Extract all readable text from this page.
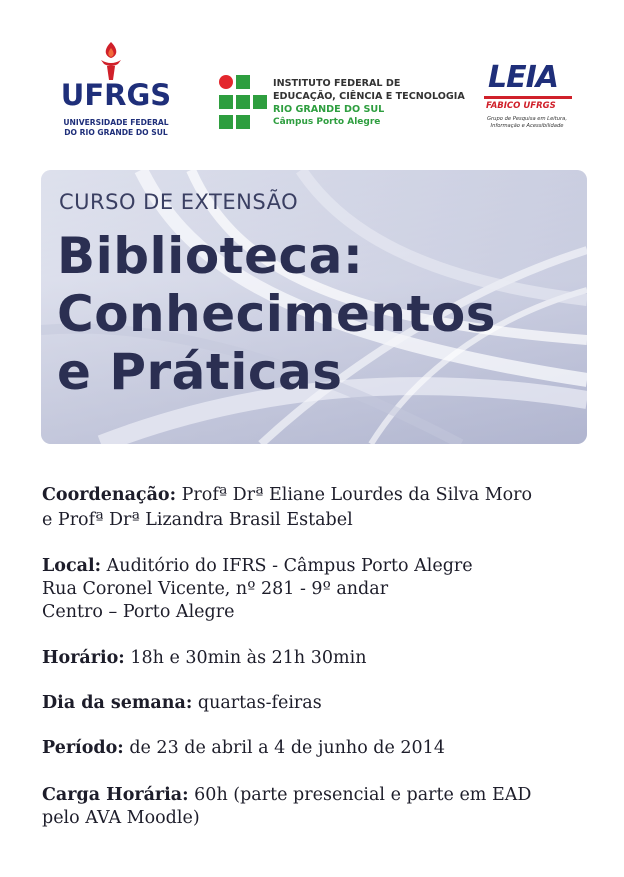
UFRGS
UNIVERSIDADE FEDERAL
DO RIO GRANDE DO SUL
INSTITUTO FEDERAL DE
EDUCAÇÃO, CIÊNCIA E TECNOLOGIA
RIO GRANDE DO SUL
Câmpus Porto Alegre
LEIA
FABICO UFRGS
Grupo de Pesquisa em Leitura,
Informação e Acessibilidade
CURSO DE EXTENSÃO
Biblioteca:
Conhecimentos
e Práticas
Coordenação: Profª Drª Eliane Lourdes da Silva Moro
e Profª Drª Lizandra Brasil Estabel
Local: Auditório do IFRS - Câmpus Porto Alegre
Rua Coronel Vicente, nº 281 - 9º andar
Centro – Porto Alegre
Horário: 18h e 30min às 21h 30min
Dia da semana: quartas-feiras
Período: de 23 de abril a 4 de junho de 2014
Carga Horária: 60h (parte presencial e parte em EAD
pelo AVA Moodle)
